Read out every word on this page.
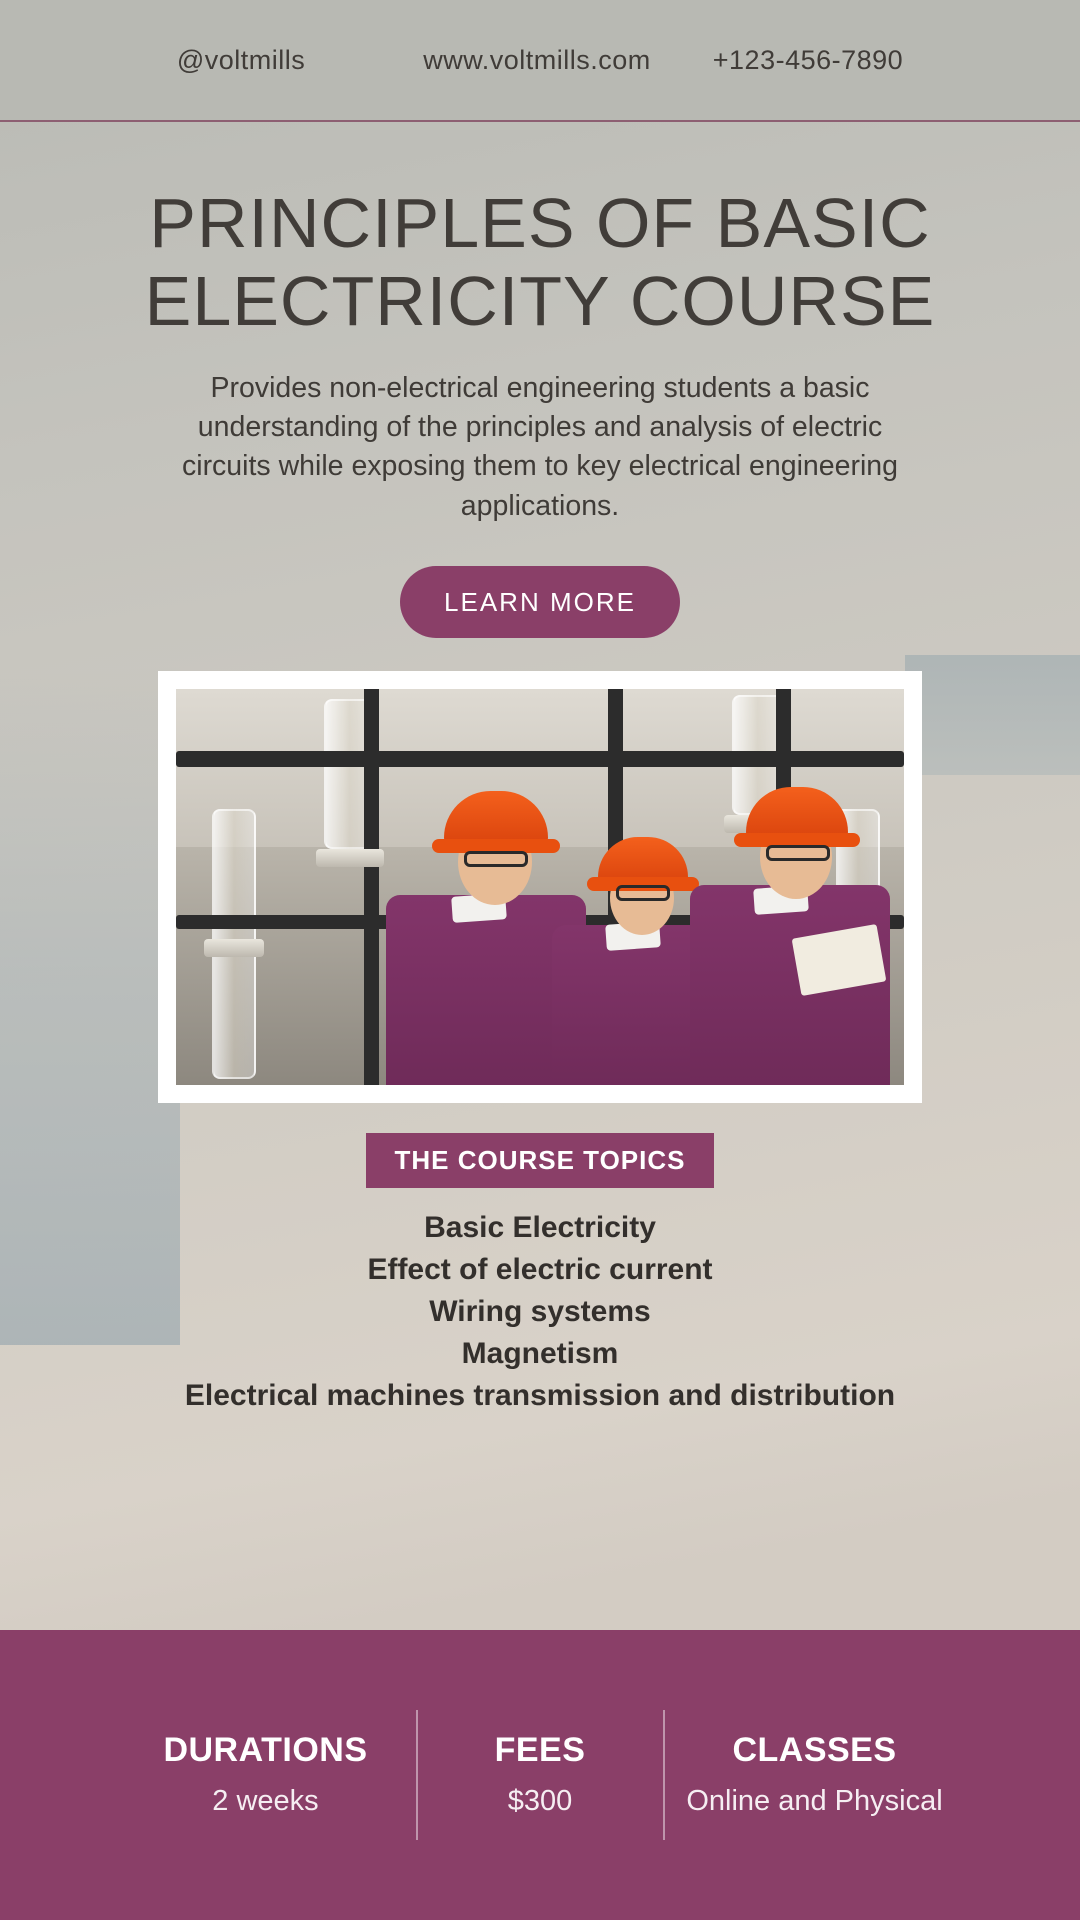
@voltmills	www.voltmills.com +123-456-7890
PRINCIPLES OF BASIC ELECTRICITY COURSE

Provides non-electrical engineering students a basic understanding of the principles and analysis of electric circuits while exposing them to key electrical engineering applications.

LEARN MORE
THE COURSE TOPICS
Basic Electricity
Effect of electric current
Wiring systems
Magnetism
Electrical machines transmission and distribution
DURATIONS
2 weeks
FEES
$300
CLASSES
Online and Physical
